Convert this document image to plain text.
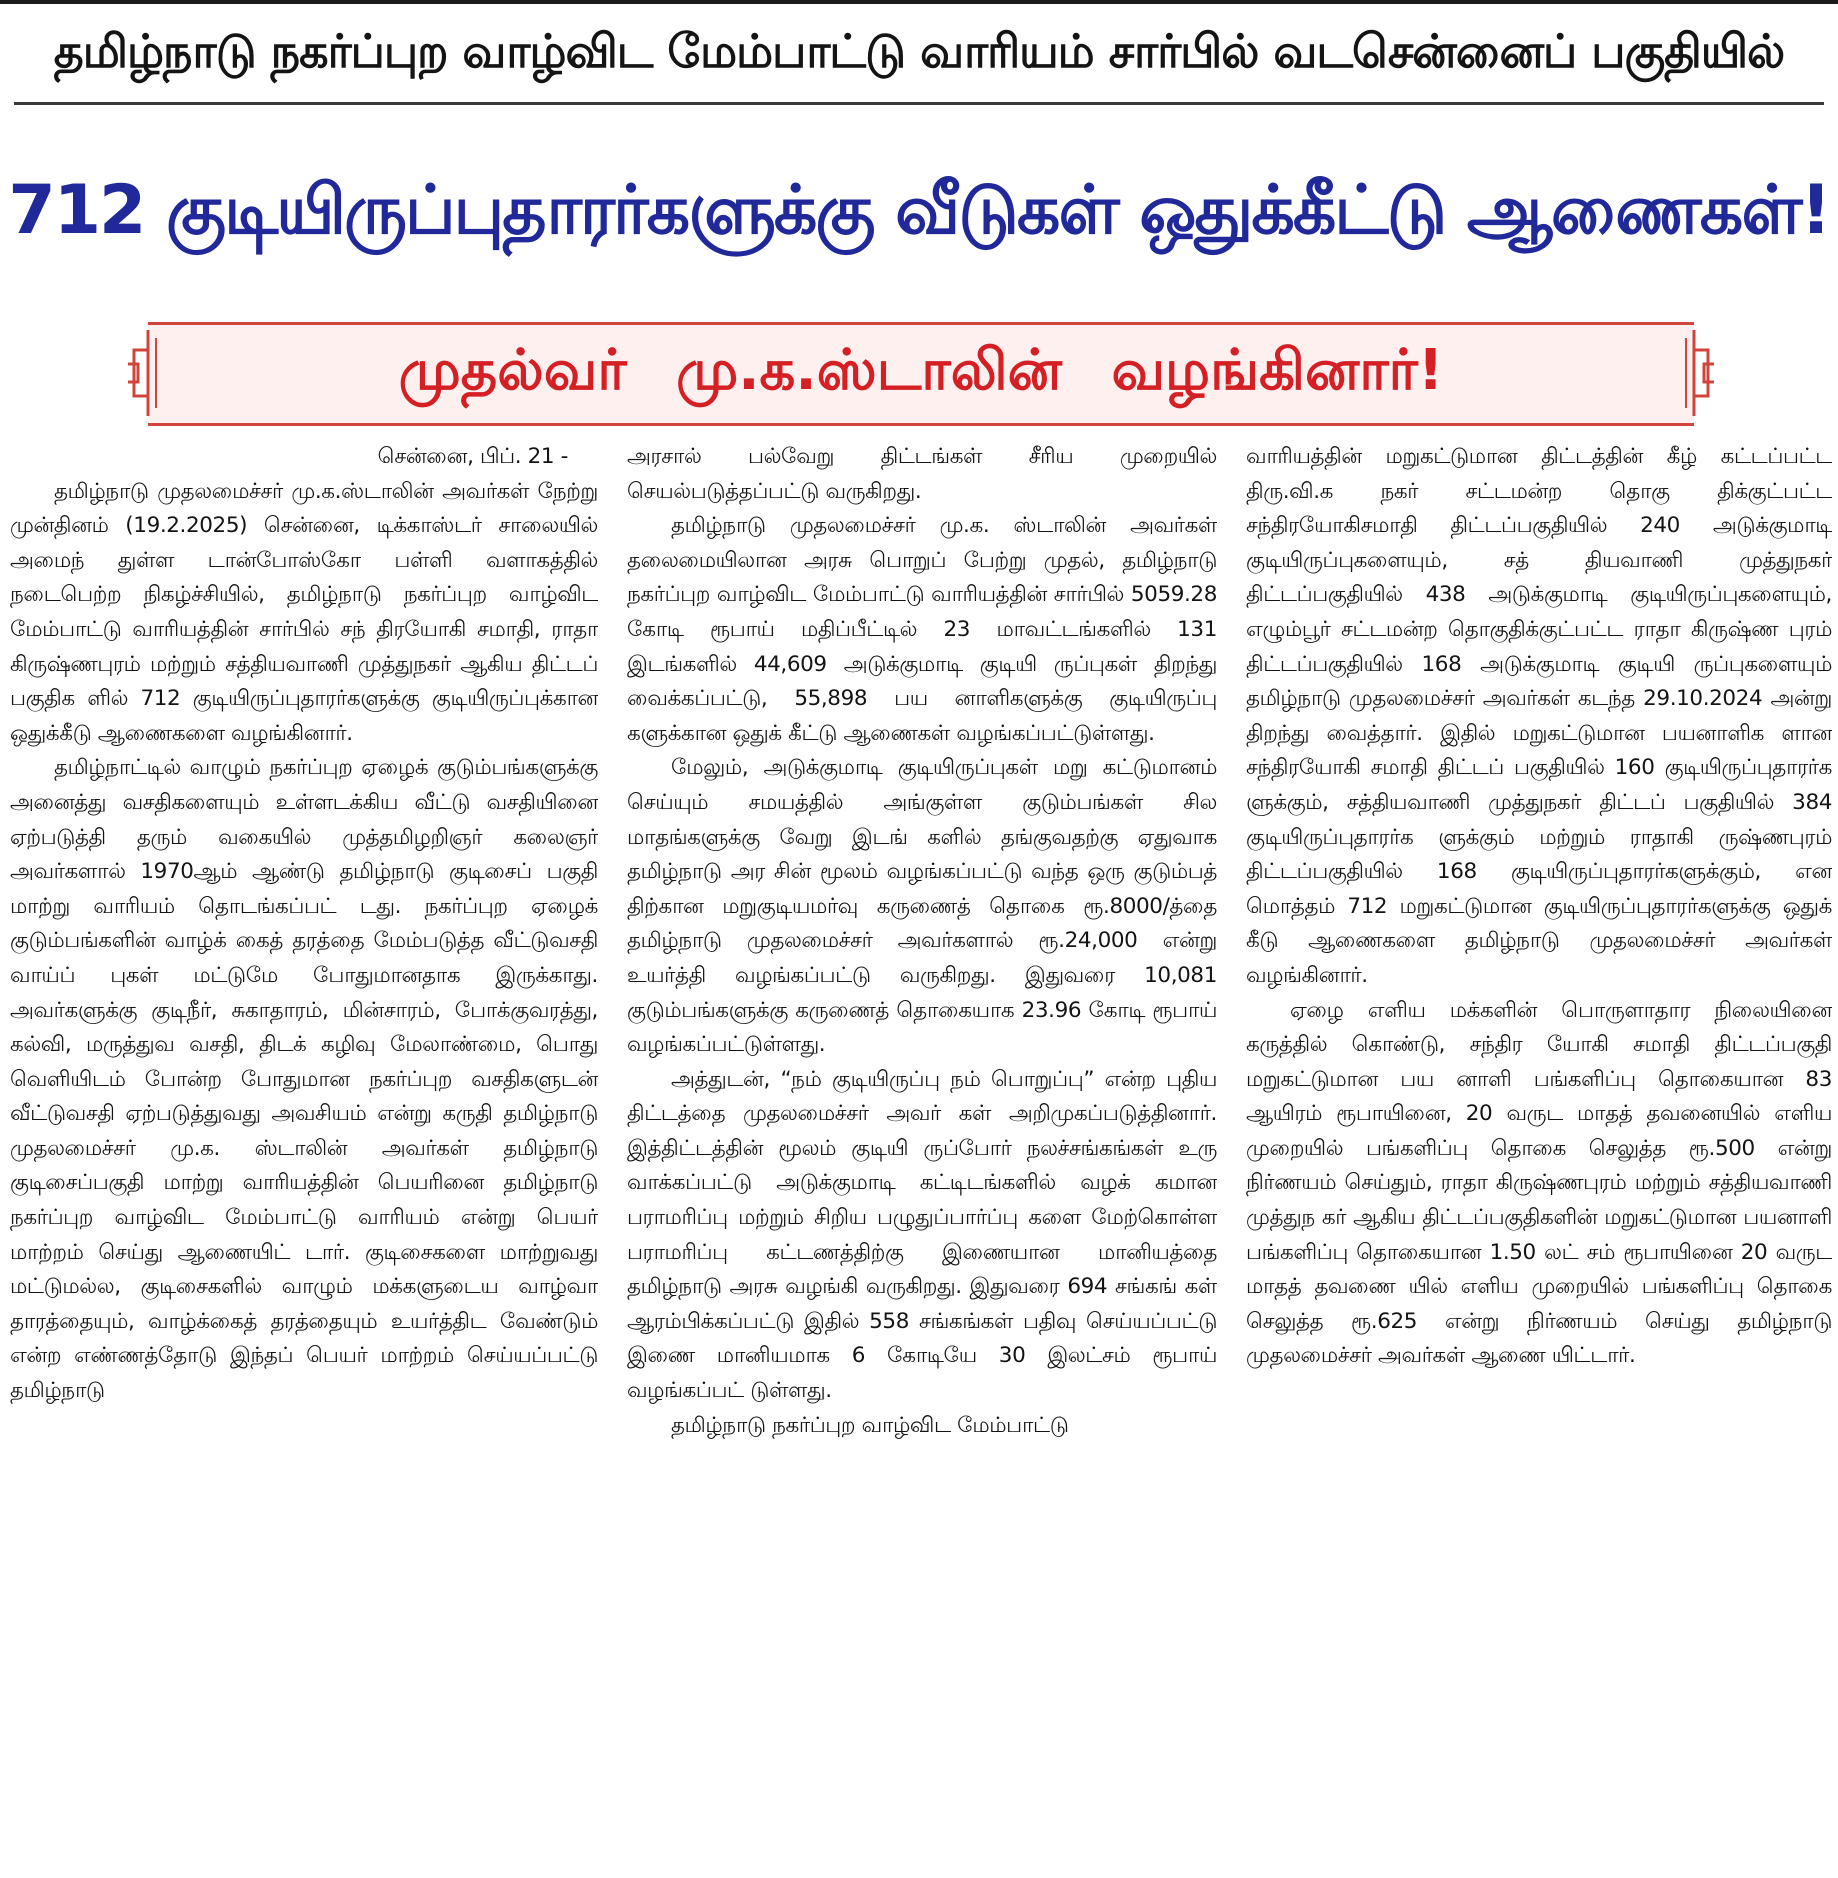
தமிழ்நாடு நகர்ப்புற வாழ்விட மேம்பாட்டு வாரியம் சார்பில் வடசென்னைப் பகுதியில்
712 குடியிருப்புதாரர்களுக்கு வீடுகள் ஒதுக்கீட்டு ஆணைகள்!
முதல்வர் மு.க.ஸ்டாலின் வழங்கினார்!
சென்னை, பிப். 21 -

தமிழ்நாடு முதலமைச்சர் மு.க.ஸ்டாலின் அவர்கள் நேற்று முன்தினம் (19.2.2025) சென்னை, டிக்காஸ்டர் சாலையில் அமைந் துள்ள டான்போஸ்கோ பள்ளி வளாகத்தில் நடைபெற்ற நிகழ்ச்சியில், தமிழ்நாடு நகர்ப்புற வாழ்விட மேம்பாட்டு வாரியத்தின் சார்பில் சந் திரயோகி சமாதி, ராதா கிருஷ்ணபுரம் மற்றும் சத்தியவாணி முத்துநகர் ஆகிய திட்டப் பகுதிக ளில் 712 குடியிருப்புதாரர்களுக்கு குடியிருப்புக்கான ஒதுக்கீடு ஆணைகளை வழங்கினார்.

தமிழ்நாட்டில் வாழும் நகர்ப்புற ஏழைக் குடும்பங்களுக்கு அனைத்து வசதிகளையும் உள்ளடக்கிய வீட்டு வசதியினை ஏற்படுத்தி தரும் வகையில் முத்தமிழறிஞர் கலைஞர் அவர்களால் 1970ஆம் ஆண்டு தமிழ்நாடு குடிசைப் பகுதி மாற்று வாரியம் தொடங்கப்பட் டது. நகர்ப்புற ஏழைக் குடும்பங்களின் வாழ்க் கைத் தரத்தை மேம்படுத்த வீட்டுவசதி வாய்ப் புகள் மட்டுமே போதுமானதாக இருக்காது. அவர்களுக்கு குடிநீர், சுகாதாரம், மின்சாரம், போக்குவரத்து, கல்வி, மருத்துவ வசதி, திடக் கழிவு மேலாண்மை, பொது வெளியிடம் போன்ற போதுமான நகர்ப்புற வசதிகளுடன் வீட்டுவசதி ஏற்படுத்துவது அவசியம் என்று கருதி தமிழ்நாடு முதலமைச்சர் மு.க. ஸ்டாலின் அவர்கள் தமிழ்நாடு குடிசைப்பகுதி மாற்று வாரியத்தின் பெயரினை தமிழ்நாடு நகர்ப்புற வாழ்விட மேம்பாட்டு வாரியம் என்று பெயர் மாற்றம் செய்து ஆணையிட் டார். குடிசைகளை மாற்றுவது மட்டுமல்ல, குடிசைகளில் வாழும் மக்களுடைய வாழ்வா தாரத்தையும், வாழ்க்கைத் தரத்தையும் உயர்த்திட வேண்டும் என்ற எண்ணத்தோடு இந்தப் பெயர் மாற்றம் செய்யப்பட்டு தமிழ்நாடு

அரசால் பல்வேறு திட்டங்கள் சீரிய முறையில் செயல்படுத்தப்பட்டு வருகிறது.

தமிழ்நாடு முதலமைச்சர் மு.க. ஸ்டாலின் அவர்கள் தலைமையிலான அரசு பொறுப் பேற்று முதல், தமிழ்நாடு நகர்ப்புற வாழ்விட மேம்பாட்டு வாரியத்தின் சார்பில் 5059.28 கோடி ரூபாய் மதிப்பீட்டில் 23 மாவட்டங்களில் 131 இடங்களில் 44,609 அடுக்குமாடி குடியி ருப்புகள் திறந்து வைக்கப்பட்டு, 55,898 பய னாளிகளுக்கு குடியிருப்பு களுக்கான ஒதுக் கீட்டு ஆணைகள் வழங்கப்பட்டுள்ளது.

மேலும், அடுக்குமாடி குடியிருப்புகள் மறு கட்டுமானம் செய்யும் சமயத்தில் அங்குள்ள குடும்பங்கள் சில மாதங்களுக்கு வேறு இடங் களில் தங்குவதற்கு ஏதுவாக தமிழ்நாடு அர சின் மூலம் வழங்கப்பட்டு வந்த ஒரு குடும்பத் திற்கான மறுகுடியமர்வு கருணைத் தொகை ரூ.8000/த்தை தமிழ்நாடு முதலமைச்சர் அவர்களால் ரூ.24,000 என்று உயர்த்தி வழங்கப்பட்டு வருகிறது. இதுவரை 10,081 குடும்பங்களுக்கு கருணைத் தொகையாக 23.96 கோடி ரூபாய் வழங்கப்பட்டுள்ளது.

அத்துடன், “நம் குடியிருப்பு நம் பொறுப்பு” என்ற புதிய திட்டத்தை முதலமைச்சர் அவர் கள் அறிமுகப்படுத்தினார். இத்திட்டத்தின் மூலம் குடியி ருப்போர் நலச்சங்கங்கள் உரு வாக்கப்பட்டு அடுக்குமாடி கட்டிடங்களில் வழக் கமான பராமரிப்பு மற்றும் சிறிய பழுதுப்பார்ப்பு களை மேற்கொள்ள பராமரிப்பு கட்டணத்திற்கு இணையான மானியத்தை தமிழ்நாடு அரசு வழங்கி வருகிறது. இதுவரை 694 சங்கங் கள் ஆரம்பிக்கப்பட்டு இதில் 558 சங்கங்கள் பதிவு செய்யப்பட்டு இணை மானியமாக 6 கோடியே 30 இலட்சம் ரூபாய் வழங்கப்பட் டுள்ளது.

தமிழ்நாடு நகர்ப்புற வாழ்விட மேம்பாட்டு

வாரியத்தின் மறுகட்டுமான திட்டத்தின் கீழ் கட்டப்பட்ட திரு.வி.க நகர் சட்டமன்ற தொகு திக்குட்பட்ட சந்திரயோகிசமாதி திட்டப்பகுதியில் 240 அடுக்குமாடி குடியிருப்புகளையும், சத் தியவாணி முத்துநகர் திட்டப்பகுதியில் 438 அடுக்குமாடி குடியிருப்புகளையும், எழும்பூர் சட்டமன்ற தொகுதிக்குட்பட்ட ராதா கிருஷ்ண புரம் திட்டப்பகுதியில் 168 அடுக்குமாடி குடியி ருப்புகளையும் தமிழ்நாடு முதலமைச்சர் அவர்கள் கடந்த 29.10.2024 அன்று திறந்து வைத்தார். இதில் மறுகட்டுமான பயனாளிக ளான சந்திரயோகி சமாதி திட்டப் பகுதியில் 160 குடியிருப்புதாரர்க ளுக்கும், சத்தியவாணி முத்துநகர் திட்டப் பகுதியில் 384 குடியிருப்புதாரர்க ளுக்கும் மற்றும் ராதாகி ருஷ்ணபுரம் திட்டப்பகுதியில் 168 குடியிருப்புதாரர்களுக்கும், என மொத்தம் 712 மறுகட்டுமான குடியிருப்புதாரர்களுக்கு ஒதுக் கீடு ஆணைகளை தமிழ்நாடு முதலமைச்சர் அவர்கள் வழங்கினார்.

ஏழை எளிய மக்களின் பொருளாதார நிலையினை கருத்தில் கொண்டு, சந்திர யோகி சமாதி திட்டப்பகுதி மறுகட்டுமான பய னாளி பங்களிப்பு தொகையான 83 ஆயிரம் ரூபாயினை, 20 வருட மாதத் தவனையில் எளிய முறையில் பங்களிப்பு தொகை செலுத்த ரூ.500 என்று நிர்ணயம் செய்தும், ராதா கிருஷ்ணபுரம் மற்றும் சத்தியவாணி முத்துந கர் ஆகிய திட்டப்பகுதிகளின் மறுகட்டுமான பயனாளி பங்களிப்பு தொகையான 1.50 லட் சம் ரூபாயினை 20 வருட மாதத் தவணை யில் எளிய முறையில் பங்களிப்பு தொகை செலுத்த ரூ.625 என்று நிர்ணயம் செய்து தமிழ்நாடு முதலமைச்சர் அவர்கள் ஆணை யிட்டார்.
